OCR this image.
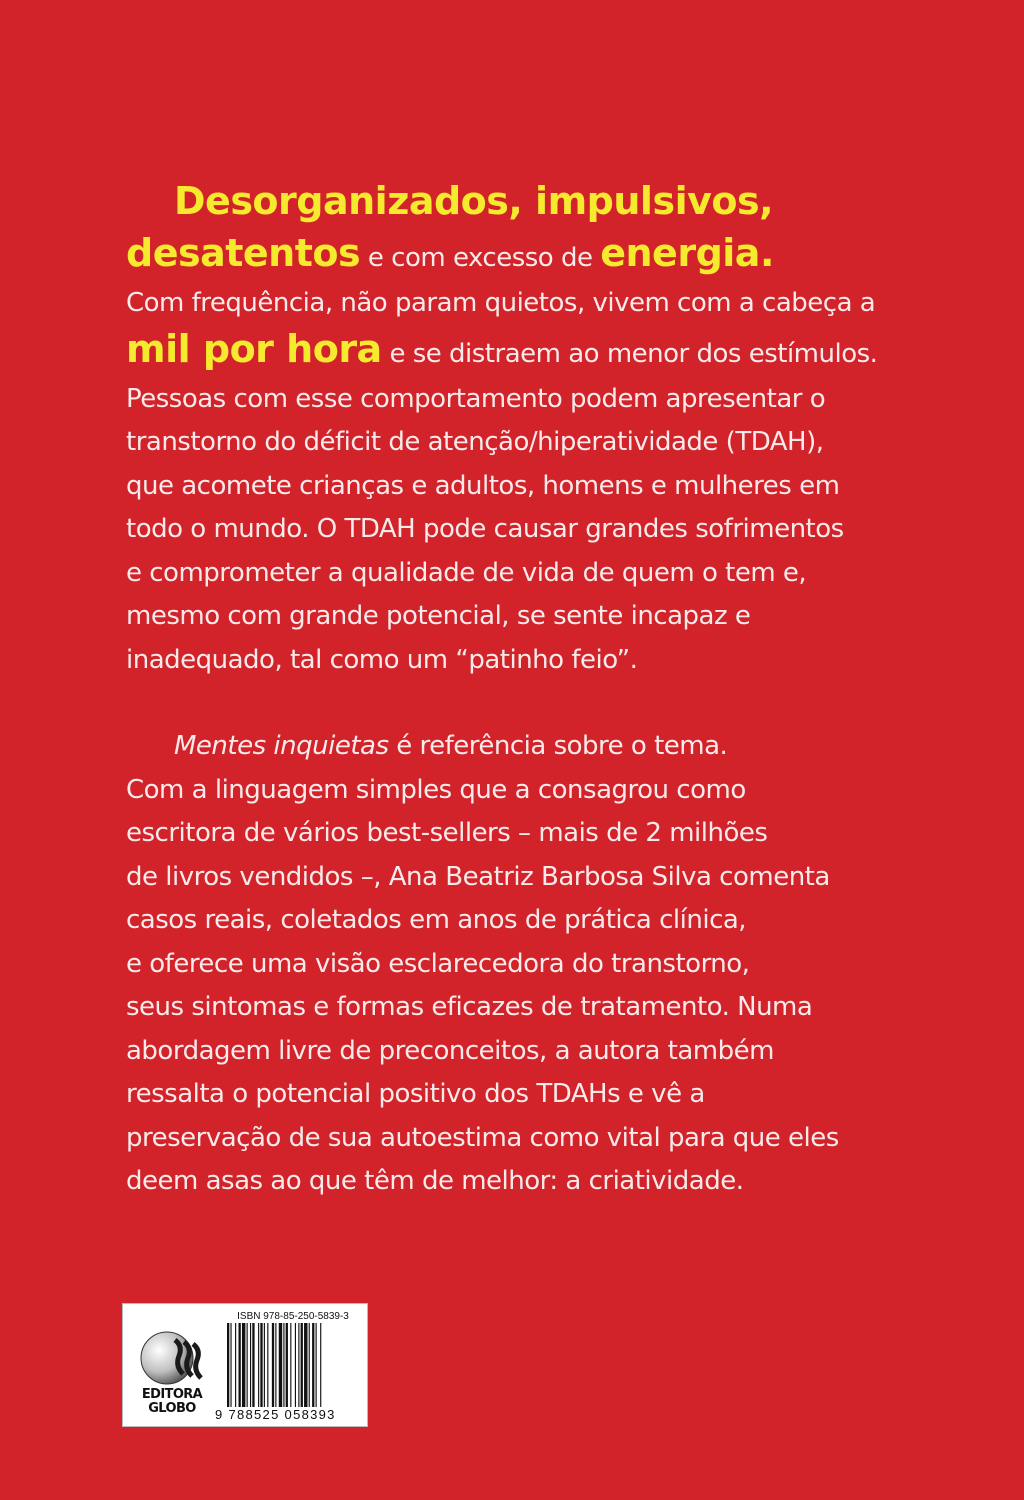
Desorganizados, impulsivos,
desatentos e com excesso de energia.
Com frequência, não param quietos, vivem com a cabeça a
mil por hora e se distraem ao menor dos estímulos.
Pessoas com esse comportamento podem apresentar o
transtorno do déficit de atenção/hiperatividade (TDAH),
que acomete crianças e adultos, homens e mulheres em
todo o mundo. O TDAH pode causar grandes sofrimentos
e comprometer a qualidade de vida de quem o tem e,
mesmo com grande potencial, se sente incapaz e
inadequado, tal como um “patinho feio”.
Mentes inquietas é referência sobre o tema.
Com a linguagem simples que a consagrou como
escritora de vários best-sellers – mais de 2 milhões
de livros vendidos –, Ana Beatriz Barbosa Silva comenta
casos reais, coletados em anos de prática clínica,
e oferece uma visão esclarecedora do transtorno,
seus sintomas e formas eficazes de tratamento. Numa
abordagem livre de preconceitos, a autora também
ressalta o potencial positivo dos TDAHs e vê a
preservação de sua autoestima como vital para que eles
deem asas ao que têm de melhor: a criatividade.
EDITORA
GLOBO
ISBN 978-85-250-5839-3
9 788525 058393
